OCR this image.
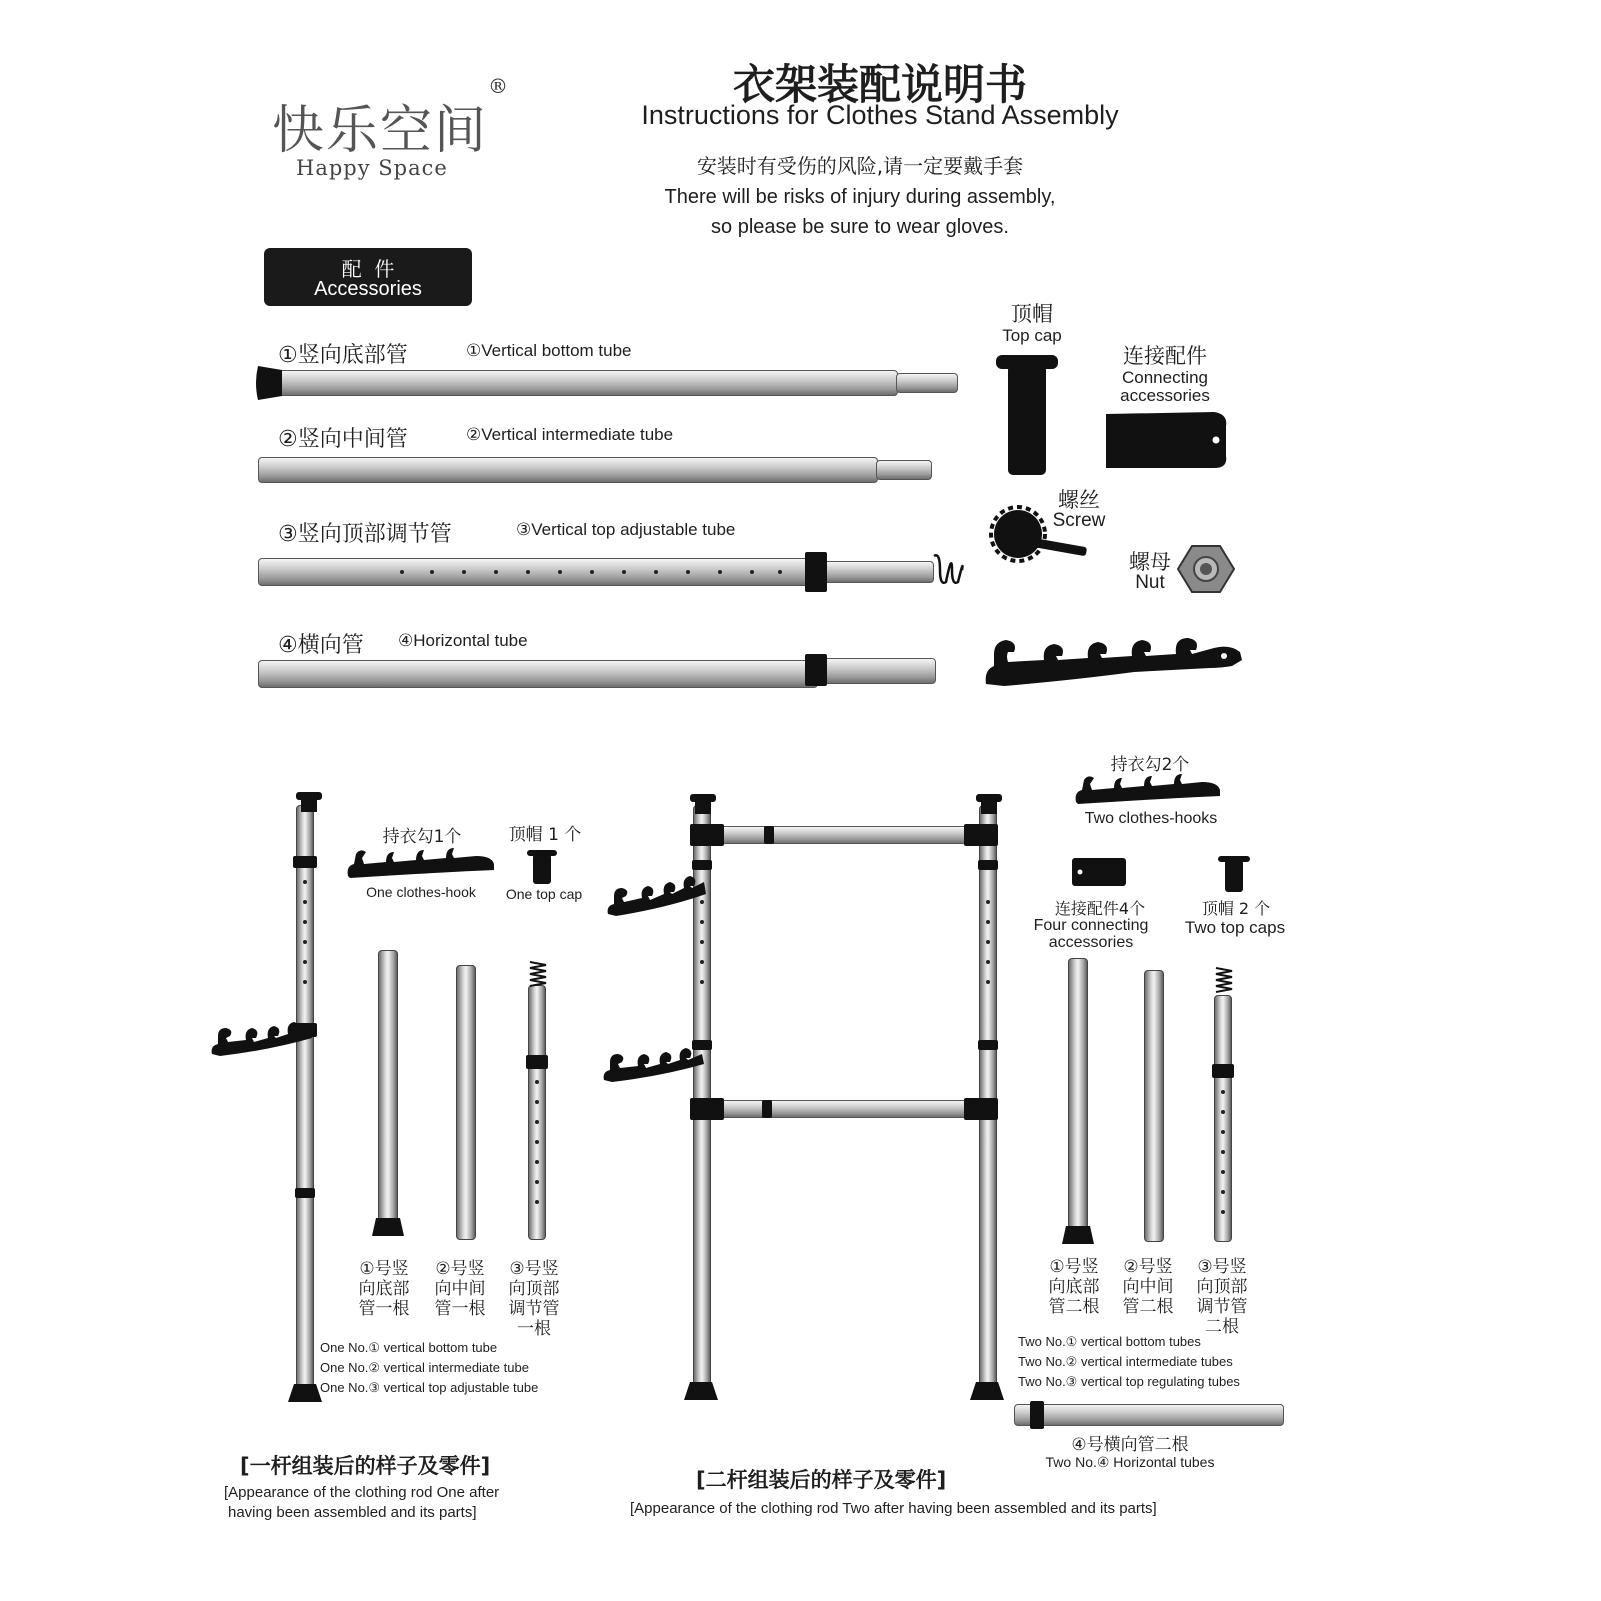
快乐空间
®
Happy Space
衣架装配说明书
Instructions for Clothes Stand Assembly
安装时有受伤的风险,请一定要戴手套
There will be risks of injury during assembly,
so please be sure to wear gloves.
配  件
Accessories
①竖向底部管	①Vertical bottom tube
②竖向中间管	②Vertical intermediate tube
③竖向顶部调节管	③Vertical top adjustable tube
④横向管 ④Horizontal tube
顶帽
Top cap
连接配件
Connecting
accessories
螺丝
Screw
螺母
Nut
持衣勾1个
One clothes-hook
顶帽 1 个
One top cap
①号竖
向底部
管一根
②号竖
向中间
管一根
③号竖
向顶部
调节管
一根
One No.① vertical bottom tube
One No.② vertical intermediate tube
One No.③ vertical top adjustable tube
[一杆组装后的样子及零件]
[Appearance of the clothing rod One after
having been assembled and its parts]
[二杆组装后的样子及零件]
[Appearance of the clothing rod Two after having been assembled and its parts]
持衣勾2个
Two clothes-hooks
连接配件4个
Four connecting
accessories
顶帽 2 个
Two top caps
①号竖
向底部
管二根
②号竖
向中间
管二根
③号竖
向顶部
调节管
二根
Two No.① vertical bottom tubes
Two No.② vertical intermediate tubes
Two No.③ vertical top regulating tubes
④号横向管二根
Two No.④ Horizontal tubes
